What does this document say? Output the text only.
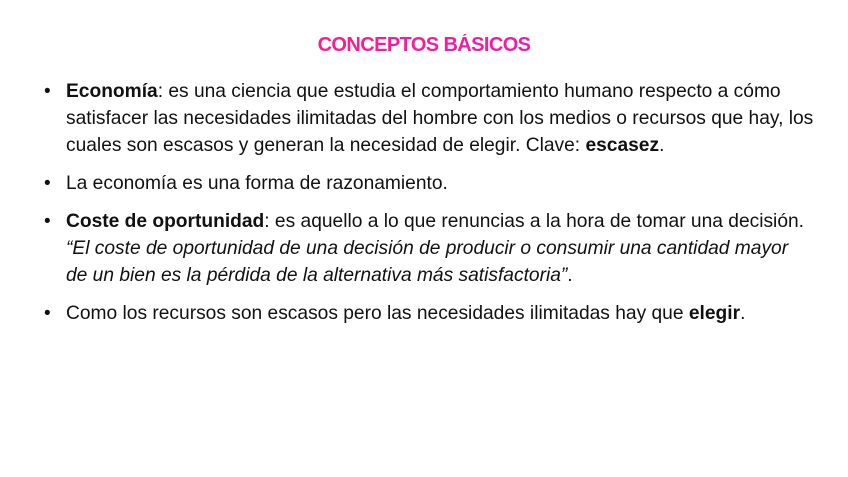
CONCEPTOS BÁSICOS
• Economía: es una ciencia que estudia el comportamiento humano respecto a cómo satisfacer las necesidades ilimitadas del hombre con los medios o recursos que hay, los cuales son escasos y generan la necesidad de elegir. Clave: escasez.
• La economía es una forma de razonamiento.
• Coste de oportunidad: es aquello a lo que renuncias a la hora de tomar una decisión. “El coste de oportunidad de una decisión de producir o consumir una cantidad mayor de un bien es la pérdida de la alternativa más satisfactoria”.
• Como los recursos son escasos pero las necesidades ilimitadas hay que elegir.
